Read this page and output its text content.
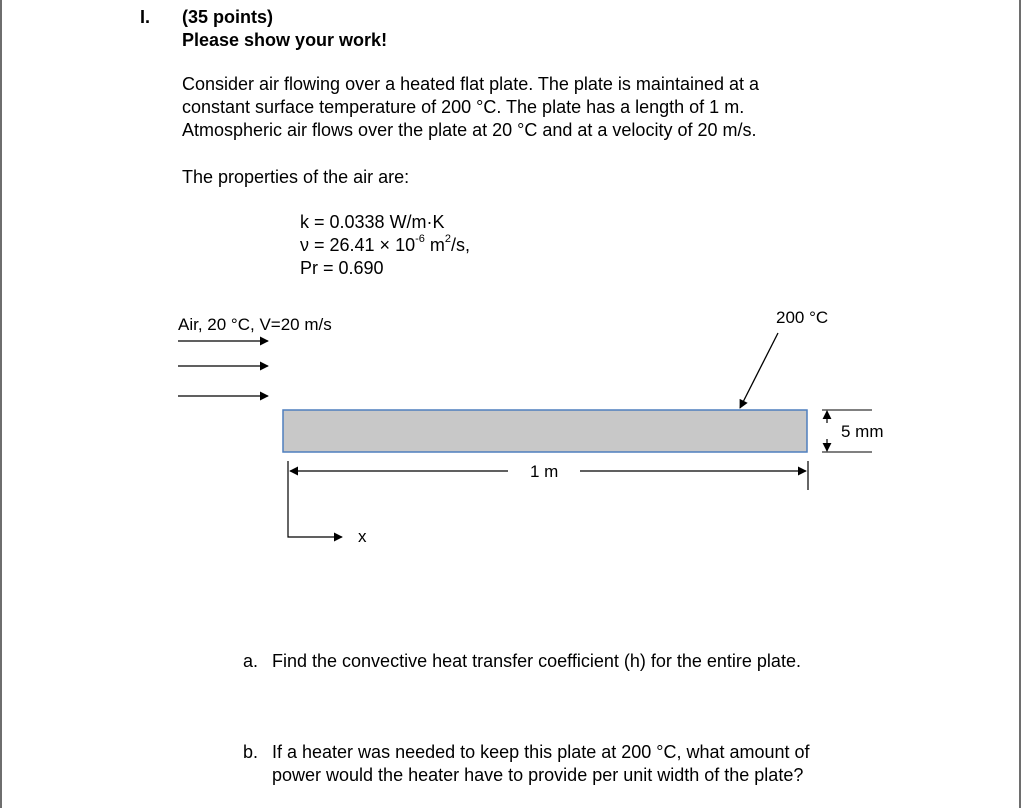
I. (35 points)
Please show your work!
Consider air flowing over a heated flat plate. The plate is maintained at a
constant surface temperature of 200 °C. The plate has a length of 1 m.
Atmospheric air flows over the plate at 20 °C and at a velocity of 20 m/s.
The properties of the air are:
k = 0.0338 W/m·K
$\nu = 26.41 \times 10^{-6}$ $m^2/s$,
Pr = 0.690
Air, 20 °C, V=20 m/s	200 °C
5 mm
1 m
x
a. Find the convective heat transfer coefficient (h) for the entire plate.
b. If a heater was needed to keep this plate at 200 °C, what amount of
power would the heater have to provide per unit width of the plate?
